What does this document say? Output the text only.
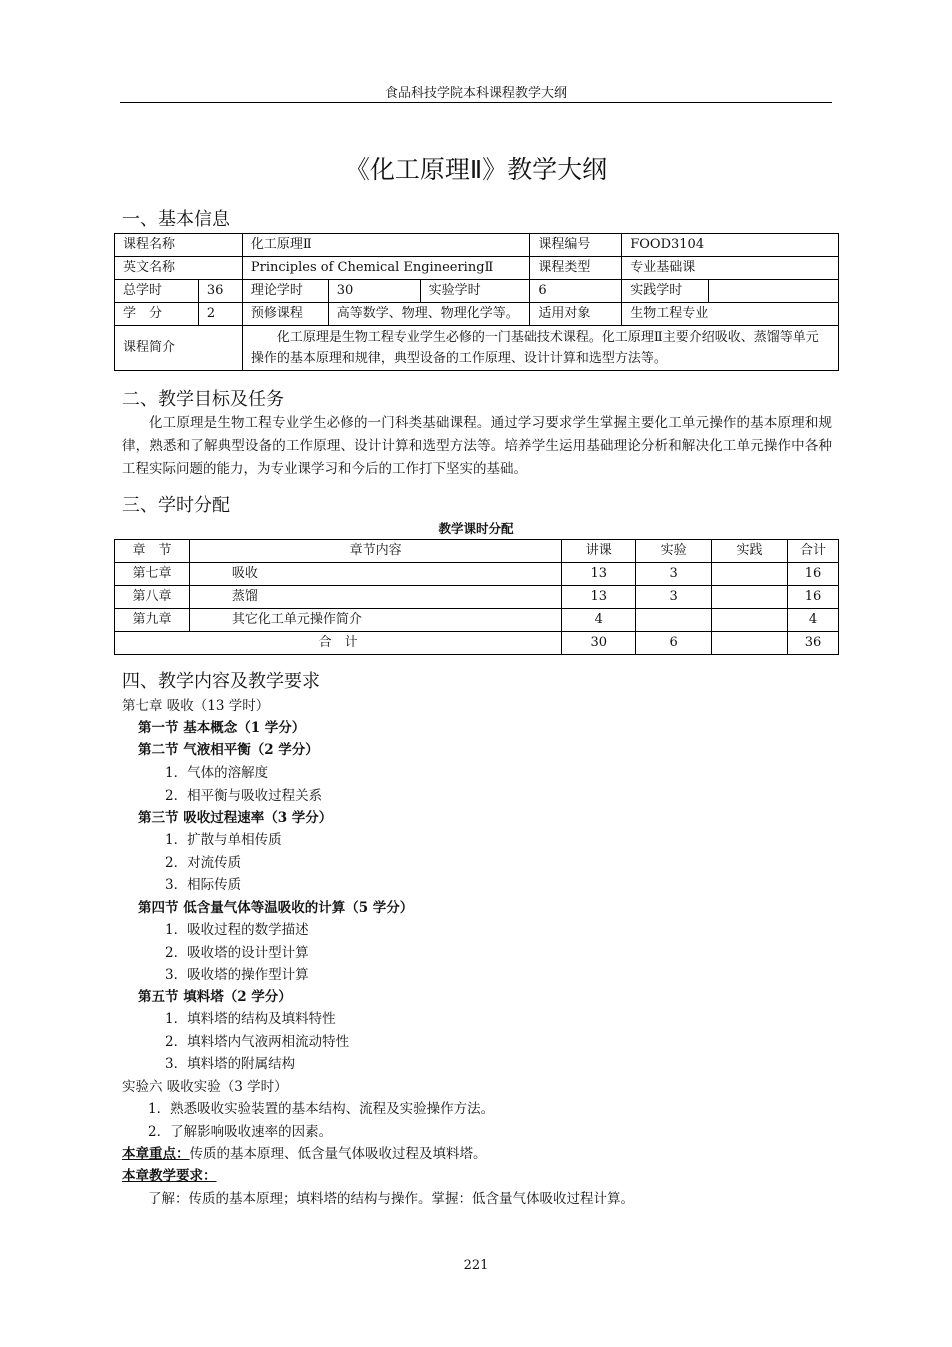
食品科技学院本科课程教学大纲
《化工原理Ⅱ》教学大纲
一、基本信息
课程名称		化工原理Ⅱ			课程编号	FOOD3104	
英文名称		Principles of Chemical EngineeringⅡ			课程类型	专业基础课	
总学时	36	理论学时	30	实验学时	6	实践学时	
学　分	2	预修课程	高等数学、物理、物理化学等。		适用对象	生物工程专业	
课程简介		化工原理是生物工程专业学生必修的一门基础技术课程。化工原理Ⅱ主要介绍吸收、蒸馏等单元操作的基本原理和规律，典型设备的工作原理、设计计算和选型方法等。					
二、教学目标及任务
化工原理是生物工程专业学生必修的一门科类基础课程。通过学习要求学生掌握主要化工单元操作的基本原理和规律，熟悉和了解典型设备的工作原理、设计计算和选型方法等。培养学生运用基础理论分析和解决化工单元操作中各种工程实际问题的能力，为专业课学习和今后的工作打下坚实的基础。
三、学时分配
教学课时分配
章　节	章节内容	讲课	实验	实践	合计
第七章	吸收	13	3		16
第八章	蒸馏	13	3		16
第九章	其它化工单元操作简介	4			4
合　计		30	6		36
四、教学内容及教学要求
第七章 吸收（13 学时）
第一节 基本概念（1 学分）
第二节 气液相平衡（2 学分）
1．气体的溶解度
2．相平衡与吸收过程关系
第三节 吸收过程速率（3 学分）
1．扩散与单相传质
2．对流传质
3．相际传质
第四节 低含量气体等温吸收的计算（5 学分）
1．吸收过程的数学描述
2．吸收塔的设计型计算
3．吸收塔的操作型计算
第五节 填料塔（2 学分）
1．填料塔的结构及填料特性
2．填料塔内气液两相流动特性
3．填料塔的附属结构
实验六 吸收实验（3 学时）
1．熟悉吸收实验装置的基本结构、流程及实验操作方法。
2．了解影响吸收速率的因素。
本章重点：传质的基本原理、低含量气体吸收过程及填料塔。
本章教学要求：
了解：传质的基本原理；填料塔的结构与操作。掌握：低含量气体吸收过程计算。
221
